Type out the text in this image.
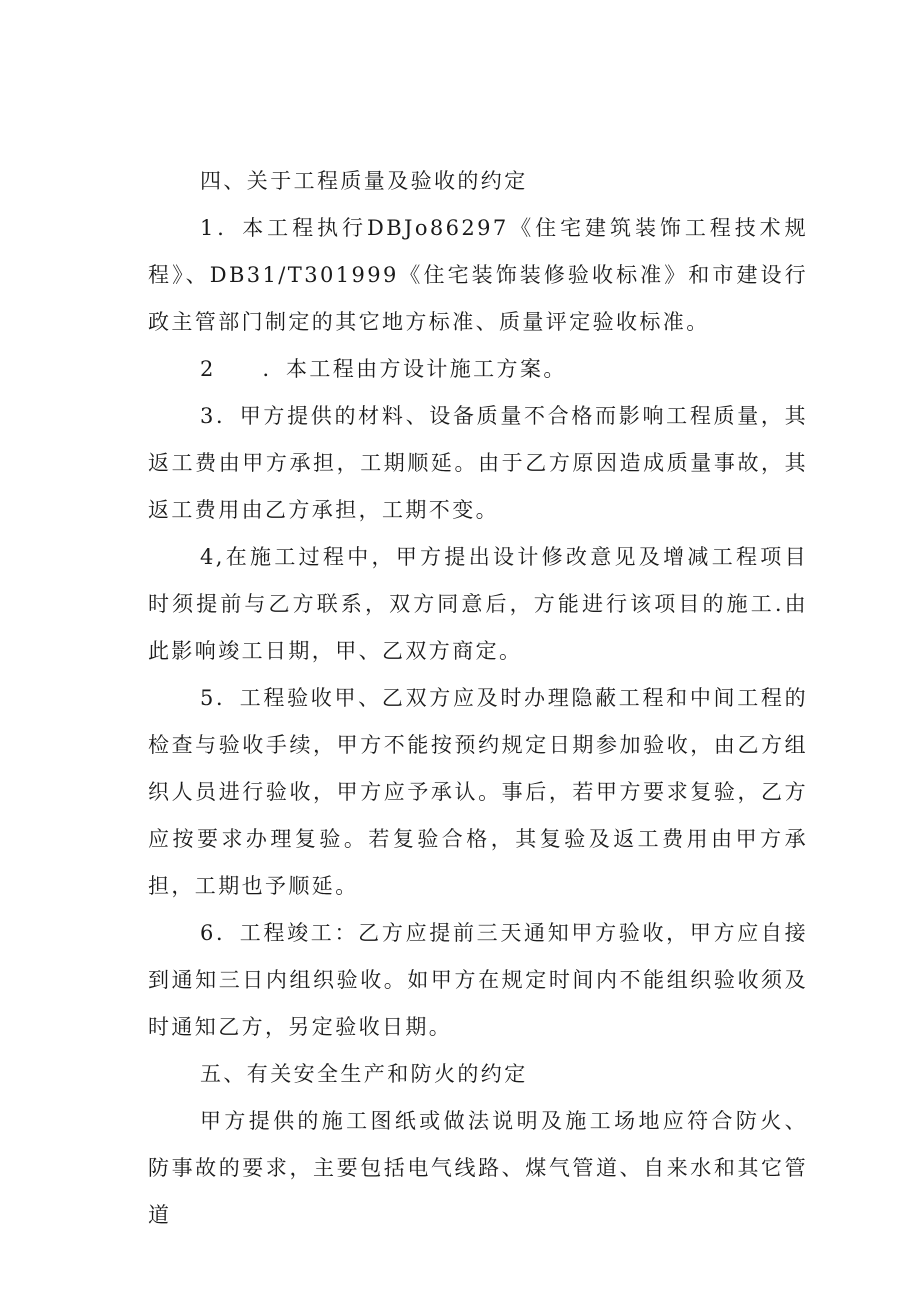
四、关于工程质量及验收的约定

1．本工程执行DBJo86297《住宅建筑装饰工程技术规程》、DB31/T301999《住宅装饰装修验收标准》和市建设行政主管部门制定的其它地方标准、质量评定验收标准。

2　　．本工程由方设计施工方案。

3．甲方提供的材料、设备质量不合格而影响工程质量，其返工费由甲方承担，工期顺延。由于乙方原因造成质量事故，其返工费用由乙方承担，工期不变。

4,在施工过程中，甲方提出设计修改意见及增减工程项目时须提前与乙方联系，双方同意后，方能进行该项目的施工.由此影响竣工日期，甲、乙双方商定。

5．工程验收甲、乙双方应及时办理隐蔽工程和中间工程的检查与验收手续，甲方不能按预约规定日期参加验收，由乙方组织人员进行验收，甲方应予承认。事后，若甲方要求复验，乙方应按要求办理复验。若复验合格，其复验及返工费用由甲方承担，工期也予顺延。

6．工程竣工：乙方应提前三天通知甲方验收，甲方应自接到通知三日内组织验收。如甲方在规定时间内不能组织验收须及时通知乙方，另定验收日期。

五、有关安全生产和防火的约定

甲方提供的施工图纸或做法说明及施工场地应符合防火、防事故的要求，主要包括电气线路、煤气管道、自来水和其它管道
